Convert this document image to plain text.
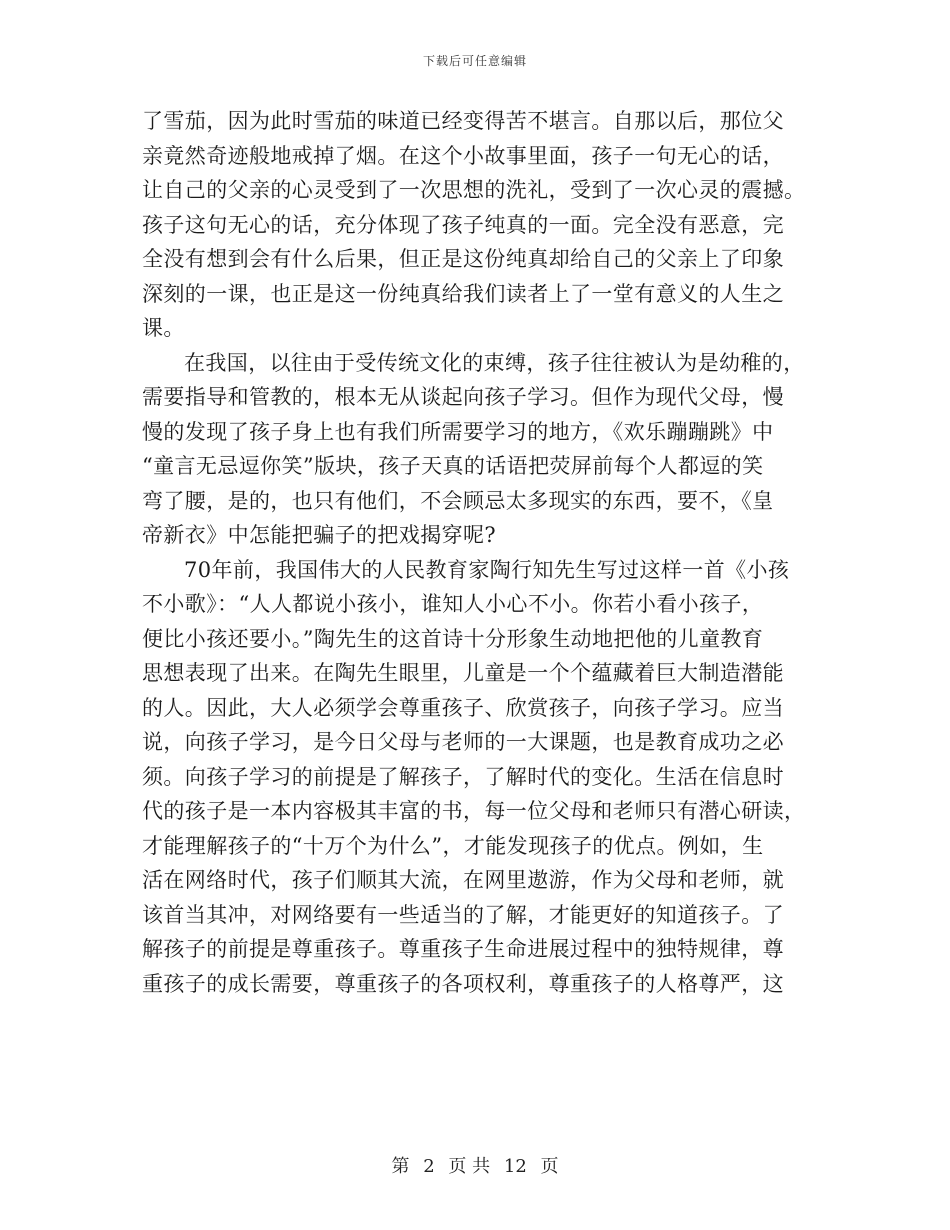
下载后可任意编辑
了雪茄，因为此时雪茄的味道已经变得苦不堪言。自那以后，那位父
亲竟然奇迹般地戒掉了烟。在这个小故事里面，孩子一句无心的话，
让自己的父亲的心灵受到了一次思想的洗礼，受到了一次心灵的震撼。
孩子这句无心的话，充分体现了孩子纯真的一面。完全没有恶意，完
全没有想到会有什么后果，但正是这份纯真却给自己的父亲上了印象
深刻的一课，也正是这一份纯真给我们读者上了一堂有意义的人生之
课。
在我国，以往由于受传统文化的束缚，孩子往往被认为是幼稚的，
需要指导和管教的，根本无从谈起向孩子学习。但作为现代父母，慢
慢的发现了孩子身上也有我们所需要学习的地方，《欢乐蹦蹦跳》中
“童言无忌逗你笑”版块，孩子天真的话语把荧屏前每个人都逗的笑
弯了腰，是的，也只有他们，不会顾忌太多现实的东西，要不，《皇
帝新衣》中怎能把骗子的把戏揭穿呢?
70年前，我国伟大的人民教育家陶行知先生写过这样一首《小孩
不小歌》：“人人都说小孩小，谁知人小心不小。你若小看小孩子，
便比小孩还要小。”陶先生的这首诗十分形象生动地把他的儿童教育
思想表现了出来。在陶先生眼里，儿童是一个个蕴藏着巨大制造潜能
的人。因此，大人必须学会尊重孩子、欣赏孩子，向孩子学习。应当
说，向孩子学习，是今日父母与老师的一大课题，也是教育成功之必
须。向孩子学习的前提是了解孩子，了解时代的变化。生活在信息时
代的孩子是一本内容极其丰富的书，每一位父母和老师只有潜心研读，
才能理解孩子的“十万个为什么”，才能发现孩子的优点。例如，生
活在网络时代，孩子们顺其大流，在网里遨游，作为父母和老师，就
该首当其冲，对网络要有一些适当的了解，才能更好的知道孩子。了
解孩子的前提是尊重孩子。尊重孩子生命进展过程中的独特规律，尊
重孩子的成长需要，尊重孩子的各项权利，尊重孩子的人格尊严，这
第 2 页 共 12 页
